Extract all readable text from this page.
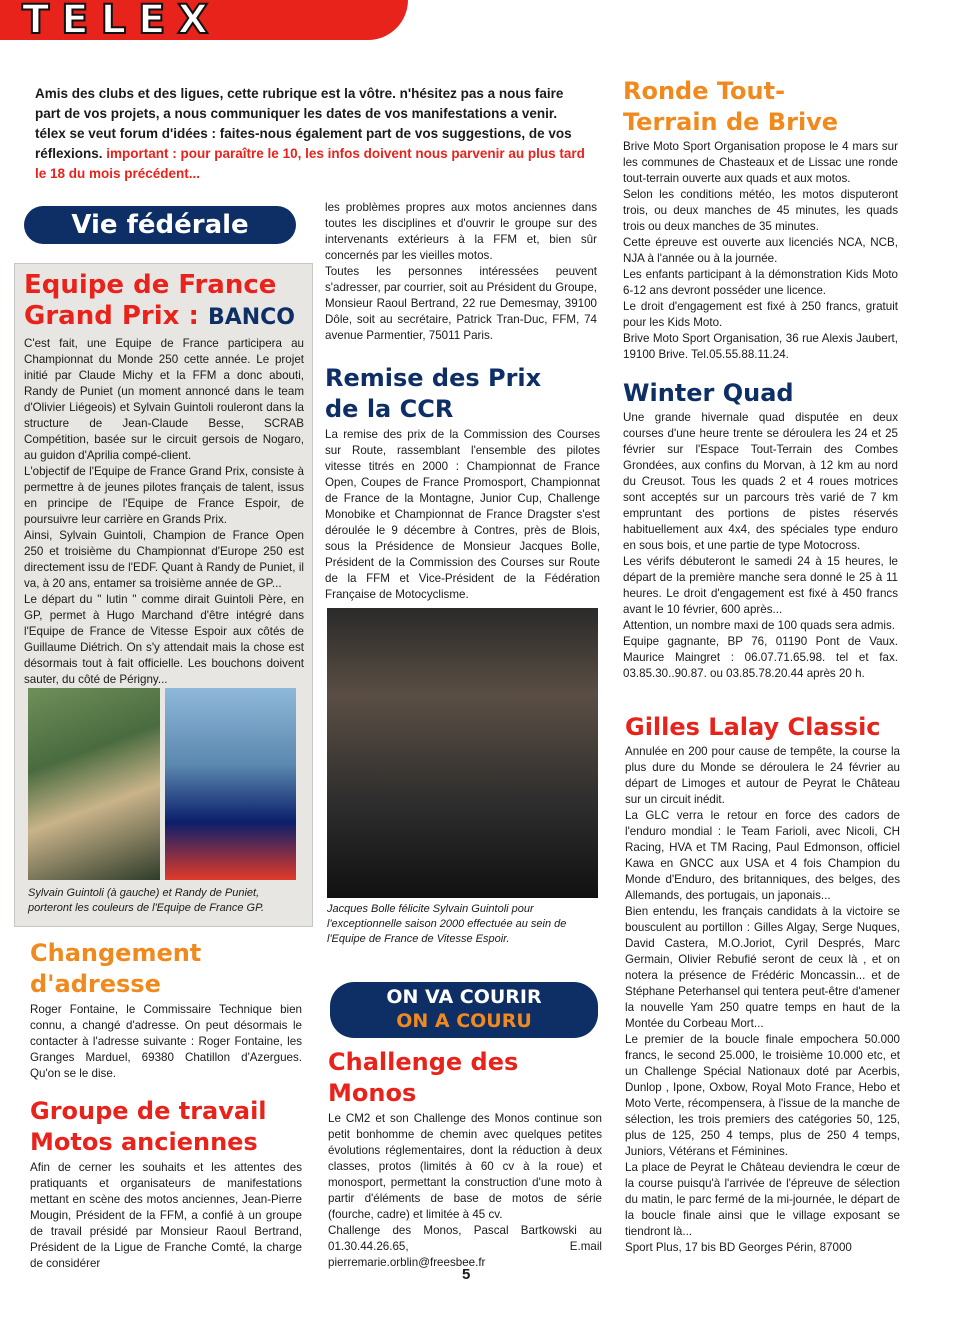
TELEX
Amis des clubs et des ligues, cette rubrique est la vôtre. n'hésitez pas a nous faire part de vos projets, a nous communiquer les dates de vos manifestations a venir. télex se veut forum d'idées : faites-nous également part de vos suggestions, de vos réflexions. important : pour paraître le 10, les infos doivent nous parvenir au plus tard le 18 du mois précédent...
Vie fédérale
Equipe de France
Grand Prix : BANCO

C'est fait, une Equipe de France participera au Championnat du Monde 250 cette année. Le projet initié par Claude Michy et la FFM a donc abouti, Randy de Puniet (un moment annoncé dans le team d'Olivier Liégeois) et Sylvain Guintoli rouleront dans la structure de Jean-Claude Besse, SCRAB Compétition, basée sur le circuit gersois de Nogaro, au guidon d'Aprilia compé-client.

L'objectif de l'Equipe de France Grand Prix, consiste à permettre à de jeunes pilotes français de talent, issus en principe de l'Equipe de France Espoir, de poursuivre leur carrière en Grands Prix.

Ainsi, Sylvain Guintoli, Champion de France Open 250 et troisième du Championnat d'Europe 250 est directement issu de l'EDF. Quant à Randy de Puniet, il va, à 20 ans, entamer sa troisième année de GP...

Le départ du " lutin " comme dirait Guintoli Père, en GP, permet à Hugo Marchand d'être intégré dans l'Equipe de France de Vitesse Espoir aux côtés de Guillaume Diétrich. On s'y attendait mais la chose est désormais tout à fait officielle. Les bouchons doivent sauter, du côté de Périgny...

Sylvain Guintoli (à gauche) et Randy de Puniet, porteront les couleurs de l'Equipe de France GP.
Changement
d'adresse
Roger Fontaine, le Commissaire Technique bien connu, a changé d'adresse. On peut désormais le contacter à l'adresse suivante : Roger Fontaine, les Granges Marduel, 69380 Chatillon d'Azergues. Qu'on se le dise.
Groupe de travail
Motos anciennes
Afin de cerner les souhaits et les attentes des pratiquants et organisateurs de manifestations mettant en scène des motos anciennes, Jean-Pierre Mougin, Président de la FFM, a confié à un groupe de travail présidé par Monsieur Raoul Bertrand, Président de la Ligue de Franche Comté, la charge de considérer

les problèmes propres aux motos anciennes dans toutes les disciplines et d'ouvrir le groupe sur des intervenants extérieurs à la FFM et, bien sûr concernés par les vieilles motos.

Toutes les personnes intéressées peuvent s'adresser, par courrier, soit au Président du Groupe, Monsieur Raoul Bertrand, 22 rue Demesmay, 39100 Dôle, soit au secrétaire, Patrick Tran-Duc, FFM, 74 avenue Parmentier, 75011 Paris.

Remise des Prix
de la CCR
La remise des prix de la Commission des Courses sur Route, rassemblant l'ensemble des pilotes vitesse titrés en 2000 : Championnat de France Open, Coupes de France Promosport, Championnat de France de la Montagne, Junior Cup, Challenge Monobike et Championnat de France Dragster s'est déroulée le 9 décembre à Contres, près de Blois, sous la Présidence de Monsieur Jacques Bolle, Président de la Commission des Courses sur Route de la FFM et Vice-Président de la Fédération Française de Motocyclisme.
Jacques Bolle félicite Sylvain Guintoli pour l'exceptionnelle saison 2000 effectuée au sein de l'Equipe de France de Vitesse Espoir.
ON VA COURIR
ON A COURU
Challenge des
Monos

Le CM2 et son Challenge des Monos continue son petit bonhomme de chemin avec quelques petites évolutions réglementaires, dont la réduction à deux classes, protos (limités à 60 cv à la roue) et monosport, permettant la construction d'une moto à partir d'éléments de base de motos de série (fourche, cadre) et limitée à 45 cv.

Challenge des Monos, Pascal Bartkowski au 01.30.44.26.65, E.mail pierremarie.orblin@freesbee.fr

Ronde Tout-
Terrain de Brive

Brive Moto Sport Organisation propose le 4 mars sur les communes de Chasteaux et de Lissac une ronde tout-terrain ouverte aux quads et aux motos.

Selon les conditions météo, les motos disputeront trois, ou deux manches de 45 minutes, les quads trois ou deux manches de 35 minutes.

Cette épreuve est ouverte aux licenciés NCA, NCB, NJA à l'année ou à la journée.

Les enfants participant à la démonstration Kids Moto 6-12 ans devront posséder une licence.

Le droit d'engagement est fixé à 250 francs, gratuit pour les Kids Moto.

Brive Moto Sport Organisation, 36 rue Alexis Jaubert, 19100 Brive. Tel.05.55.88.11.24.

Winter Quad

Une grande hivernale quad disputée en deux courses d'une heure trente se déroulera les 24 et 25 février sur l'Espace Tout-Terrain des Combes Grondées, aux confins du Morvan, à 12 km au nord du Creusot. Tous les quads 2 et 4 roues motrices sont acceptés sur un parcours très varié de 7 km empruntant des portions de pistes réservés habituellement aux 4x4, des spéciales type enduro en sous bois, et une partie de type Motocross.

Les vérifs débuteront le samedi 24 à 15 heures, le départ de la première manche sera donné le 25 à 11 heures. Le droit d'engagement est fixé à 450 francs avant le 10 février, 600 après...

Attention, un nombre maxi de 100 quads sera admis.

Equipe gagnante, BP 76, 01190 Pont de Vaux. Maurice Maingret : 06.07.71.65.98. tel et fax. 03.85.30..90.87. ou 03.85.78.20.44 après 20 h.

Gilles Lalay Classic

Annulée en 200 pour cause de tempête, la course la plus dure du Monde se déroulera le 24 février au départ de Limoges et autour de Peyrat le Château sur un circuit inédit.

La GLC verra le retour en force des cadors de l'enduro mondial : le Team Farioli, avec Nicoli, CH Racing, HVA et TM Racing, Paul Edmonson, officiel Kawa en GNCC aux USA et 4 fois Champion du Monde d'Enduro, des britanniques, des belges, des Allemands, des portugais, un japonais...

Bien entendu, les français candidats à la victoire se bousculent au portillon : Gilles Algay, Serge Nuques, David Castera, M.O.Joriot, Cyril Després, Marc Germain, Olivier Rebufié seront de ceux là , et on notera la présence de Frédéric Moncassin... et de Stéphane Peterhansel qui tentera peut-être d'amener la nouvelle Yam 250 quatre temps en haut de la Montée du Corbeau Mort...

Le premier de la boucle finale empochera 50.000 francs, le second 25.000, le troisième 10.000 etc, et un Challenge Spécial Nationaux doté par Acerbis, Dunlop , Ipone, Oxbow, Royal Moto France, Hebo et Moto Verte, récompensera, à l'issue de la manche de sélection, les trois premiers des catégories 50, 125, plus de 125, 250 4 temps, plus de 250 4 temps, Juniors, Vétérans et Féminines.

La place de Peyrat le Château deviendra le cœur de la course puisqu'à l'arrivée de l'épreuve de sélection du matin, le parc fermé de la mi-journée, le départ de la boucle finale ainsi que le village exposant se tiendront là...

Sport Plus, 17 bis BD Georges Périn, 87000

5
